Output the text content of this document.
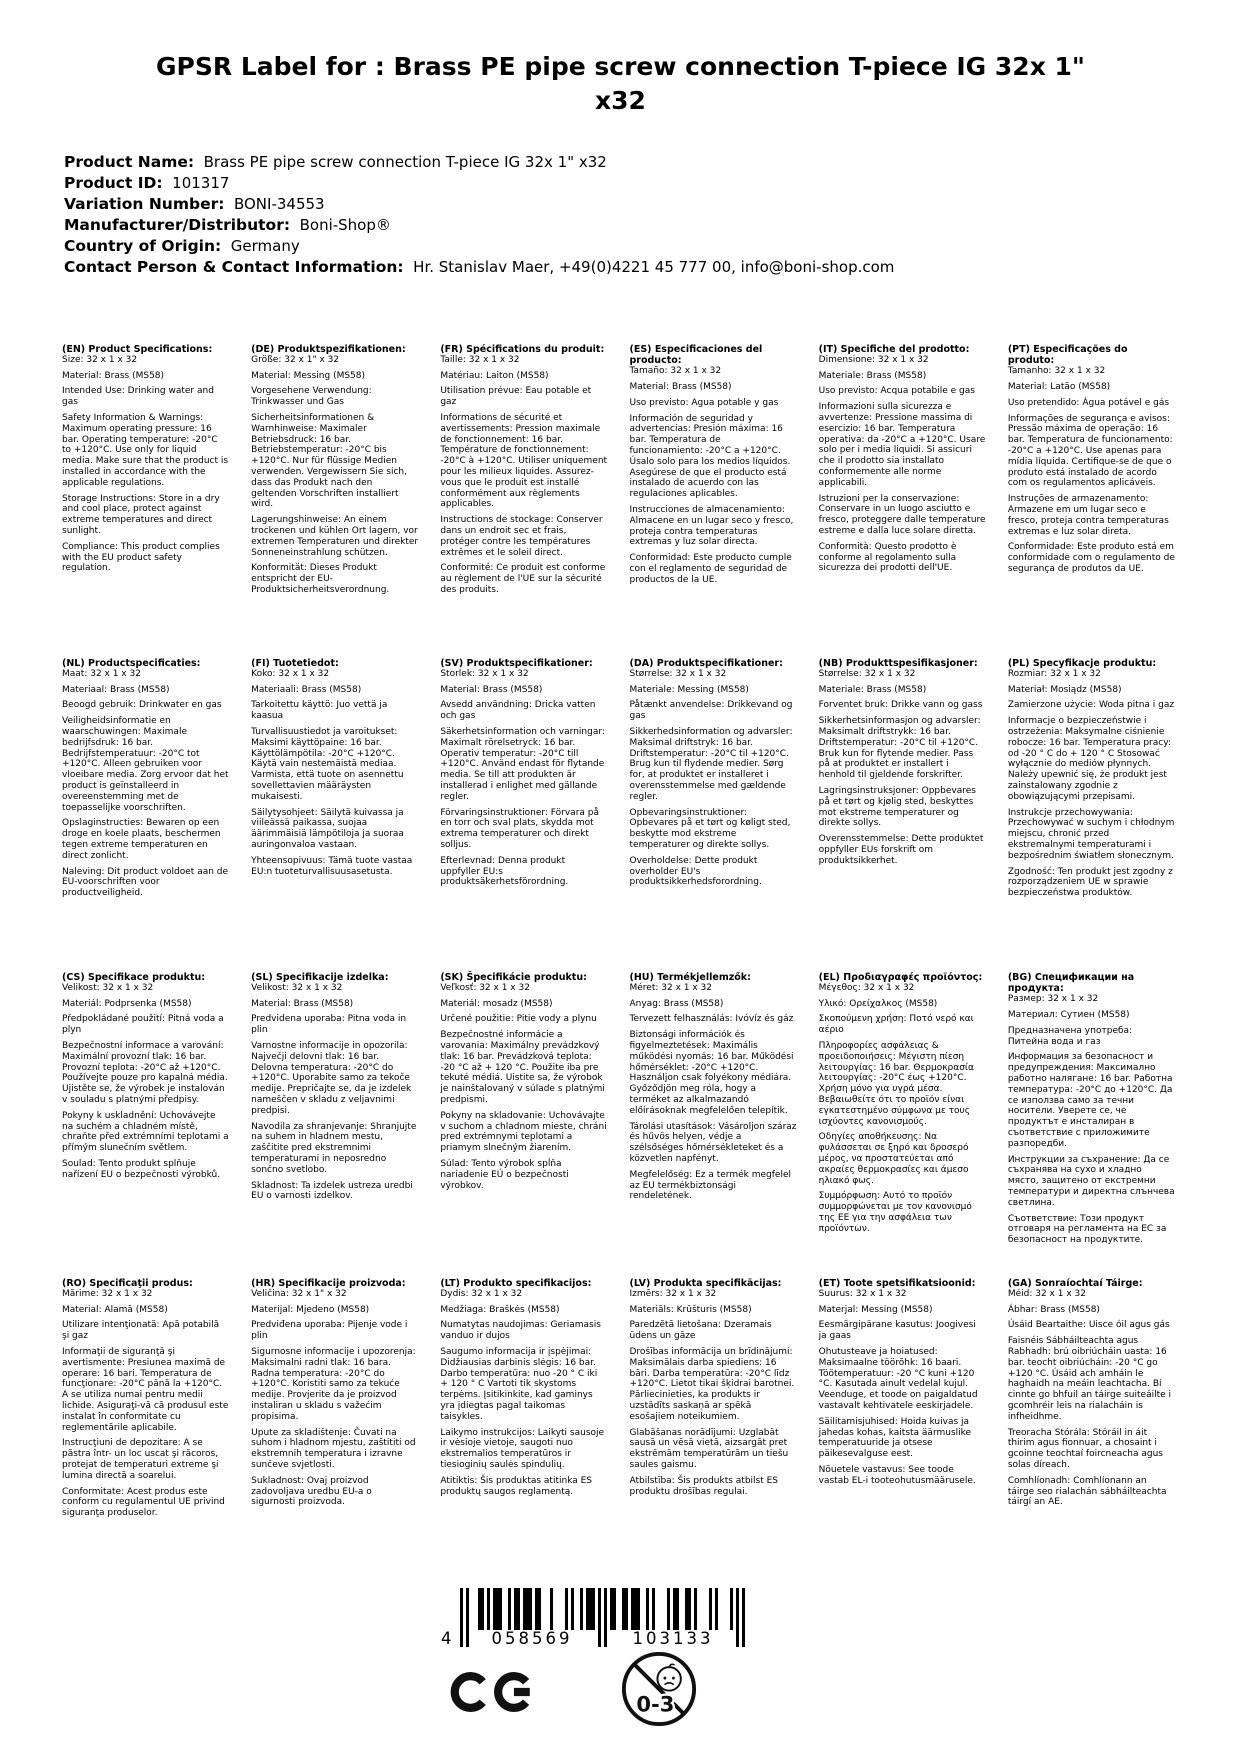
GPSR Label for : Brass PE pipe screw connection T-piece IG 32x 1" x32
Product Name:  Brass PE pipe screw connection T-piece IG 32x 1" x32
Product ID:  101317
Variation Number:  BONI-34553
Manufacturer/Distributor:  Boni-Shop®
Country of Origin:  Germany
Contact Person & Contact Information:  Hr. Stanislav Maer, +49(0)4221 45 777 00, info@boni-shop.com
(EN) Product Specifications:

Size: 32 x 1 x 32

Material: Brass (MS58)

Intended Use: Drinking water and gas

Safety Information & Warnings: Maximum operating pressure: 16 bar. Operating temperature: -20°C to +120°C. Use only for liquid media. Make sure that the product is installed in accordance with the applicable regulations.

Storage Instructions: Store in a dry and cool place, protect against extreme temperatures and direct sunlight.

Compliance: This product complies with the EU product safety regulation.

(DE) Produktspezifikationen:

Größe: 32 x 1" x 32

Material: Messing (MS58)

Vorgesehene Verwendung: Trinkwasser und Gas

Sicherheitsinformationen & Warnhinweise: Maximaler Betriebsdruck: 16 bar. Betriebstemperatur: -20°C bis +120°C. Nur für flüssige Medien verwenden. Vergewissern Sie sich, dass das Produkt nach den geltenden Vorschriften installiert wird.

Lagerungshinweise: An einem trockenen und kühlen Ort lagern, vor extremen Temperaturen und direkter Sonneneinstrahlung schützen.

Konformität: Dieses Produkt entspricht der EU-Produktsicherheitsverordnung.

(FR) Spécifications du produit:

Taille: 32 x 1 x 32

Matériau: Laiton (MS58)

Utilisation prévue: Eau potable et gaz

Informations de sécurité et avertissements: Pression maximale de fonctionnement: 16 bar. Température de fonctionnement: -20°C à +120°C. Utiliser uniquement pour les milieux liquides. Assurez-vous que le produit est installé conformément aux règlements applicables.

Instructions de stockage: Conserver dans un endroit sec et frais, protéger contre les températures extrêmes et le soleil direct.

Conformité: Ce produit est conforme au règlement de l'UE sur la sécurité des produits.

(ES) Especificaciones del producto:

Tamaño: 32 x 1 x 32

Material: Brass (MS58)

Uso previsto: Agua potable y gas

Información de seguridad y advertencias: Presión máxima: 16 bar. Temperatura de funcionamiento: -20°C a +120°C. Úsalo solo para los medios líquidos. Asegúrese de que el producto está instalado de acuerdo con las regulaciones aplicables.

Instrucciones de almacenamiento: Almacene en un lugar seco y fresco, proteja contra temperaturas extremas y luz solar directa.

Conformidad: Este producto cumple con el reglamento de seguridad de productos de la UE.

(IT) Specifiche del prodotto:

Dimensione: 32 x 1 x 32

Materiale: Brass (MS58)

Uso previsto: Acqua potabile e gas

Informazioni sulla sicurezza e avvertenze: Pressione massima di esercizio: 16 bar. Temperatura operativa: da -20°C a +120°C. Usare solo per i media liquidi. Si assicuri che il prodotto sia installato conformemente alle norme applicabili.

Istruzioni per la conservazione: Conservare in un luogo asciutto e fresco, proteggere dalle temperature estreme e dalla luce solare diretta.

Conformità: Questo prodotto è conforme al regolamento sulla sicurezza dei prodotti dell'UE.

(PT) Especificações do produto:

Tamanho: 32 x 1 x 32

Material: Latão (MS58)

Uso pretendido: Água potável e gás

Informações de segurança e avisos: Pressão máxima de operação: 16 bar. Temperatura de funcionamento: -20°C a +120°C. Use apenas para mídia líquida. Certifique-se de que o produto está instalado de acordo com os regulamentos aplicáveis.

Instruções de armazenamento: Armazene em um lugar seco e fresco, proteja contra temperaturas extremas e luz solar direta.

Conformidade: Este produto está em conformidade com o regulamento de segurança de produtos da UE.

(NL) Productspecificaties:

Maat: 32 x 1 x 32

Materiaal: Brass (MS58)

Beoogd gebruik: Drinkwater en gas

Veiligheidsinformatie en waarschuwingen: Maximale bedrijfsdruk: 16 bar. Bedrijfstemperatuur: -20°C tot +120°C. Alleen gebruiken voor vloeibare media. Zorg ervoor dat het product is geïnstalleerd in overeenstemming met de toepasselijke voorschriften.

Opslaginstructies: Bewaren op een droge en koele plaats, beschermen tegen extreme temperaturen en direct zonlicht.

Naleving: Dit product voldoet aan de EU-voorschriften voor productveiligheid.

(FI) Tuotetiedot:

Koko: 32 x 1 x 32

Materiaali: Brass (MS58)

Tarkoitettu käyttö: Juo vettä ja kaasua

Turvallisuustiedot ja varoitukset: Maksimi käyttöpaine: 16 bar. Käyttölämpötila: -20°C +120°C. Käytä vain nestemäistä mediaa. Varmista, että tuote on asennettu sovellettavien määräysten mukaisesti.

Säilytysohjeet: Säilytä kuivassa ja viileässä paikassa, suojaa äärimmäisiä lämpötiloja ja suoraa auringonvaloa vastaan.

Yhteensopivuus: Tämä tuote vastaa EU:n tuoteturvallisuusasetusta.

(SV) Produktspecifikationer:

Storlek: 32 x 1 x 32

Material: Brass (MS58)

Avsedd användning: Dricka vatten och gas

Säkerhetsinformation och varningar: Maximalt rörelsetryck: 16 bar. Operativ temperatur: -20°C till +120°C. Använd endast för flytande media. Se till att produkten är installerad i enlighet med gällande regler.

Förvaringsinstruktioner: Förvara på en torr och sval plats, skydda mot extrema temperaturer och direkt solljus.

Efterlevnad: Denna produkt uppfyller EU:s produktsäkerhetsförordning.

(DA) Produktspecifikationer:

Størrelse: 32 x 1 x 32

Materiale: Messing (MS58)

Påtænkt anvendelse: Drikkevand og gas

Sikkerhedsinformation og advarsler: Maksimal driftstryk: 16 bar. Driftstemperatur: -20°C til +120°C. Brug kun til flydende medier. Sørg for, at produktet er installeret i overensstemmelse med gældende regler.

Opbevaringsinstruktioner: Opbevares på et tørt og køligt sted, beskytte mod ekstreme temperaturer og direkte sollys.

Overholdelse: Dette produkt overholder EU's produktsikkerhedsforordning.

(NB) Produkttspesifikasjoner:

Størrelse: 32 x 1 x 32

Materiale: Brass (MS58)

Forventet bruk: Drikke vann og gass

Sikkerhetsinformasjon og advarsler: Maksimalt driftstrykk: 16 bar. Driftstemperatur: -20°C til +120°C. Bruk kun for flytende medier. Pass på at produktet er installert i henhold til gjeldende forskrifter.

Lagringsinstruksjoner: Oppbevares på et tørt og kjølig sted, beskyttes mot ekstreme temperaturer og direkte sollys.

Overensstemmelse: Dette produktet oppfyller EUs forskrift om produktsikkerhet.

(PL) Specyfikacje produktu:

Rozmiar: 32 x 1 x 32

Materiał: Mosiądz (MS58)

Zamierzone użycie: Woda pitna i gaz

Informacje o bezpieczeństwie i ostrzeżenia: Maksymalne ciśnienie robocze: 16 bar. Temperatura pracy: od -20 ° C do + 120 ° C Stosować wyłącznie do mediów płynnych. Należy upewnić się, że produkt jest zainstalowany zgodnie z obowiązującymi przepisami.

Instrukcje przechowywania: Przechowywać w suchym i chłodnym miejscu, chronić przed ekstremalnymi temperaturami i bezpośrednim światłem słonecznym.

Zgodność: Ten produkt jest zgodny z rozporządzeniem UE w sprawie bezpieczeństwa produktów.

(CS) Specifikace produktu:

Velikost: 32 x 1 x 32

Materiál: Podprsenka (MS58)

Předpokládané použití: Pitná voda a plyn

Bezpečnostní informace a varování: Maximální provozní tlak: 16 bar. Provozní teplota: -20°C až +120°C. Používejte pouze pro kapalná média. Ujistěte se, že výrobek je instalován v souladu s platnými předpisy.

Pokyny k uskladnění: Uchovávejte na suchém a chladném místě, chraňte před extrémními teplotami a přímým slunečním světlem.

Soulad: Tento produkt splňuje nařízení EU o bezpečnosti výrobků.

(SL) Specifikacije izdelka:

Velikost: 32 x 1 x 32

Material: Brass (MS58)

Predvidena uporaba: Pitna voda in plin

Varnostne informacije in opozorila: Največji delovni tlak: 16 bar. Delovna temperatura: -20°C do +120°C. Uporabite samo za tekoče medije. Prepričajte se, da je izdelek nameščen v skladu z veljavnimi predpisi.

Navodila za shranjevanje: Shranjujte na suhem in hladnem mestu, zaščitite pred ekstremnimi temperaturami in neposredno sončno svetlobo.

Skladnost: Ta izdelek ustreza uredbi EU o varnosti izdelkov.

(SK) Špecifikácie produktu:

Veľkosť: 32 x 1 x 32

Materiál: mosadz (MS58)

Určené použitie: Pitie vody a plynu

Bezpečnostné informácie a varovania: Maximálny prevádzkový tlak: 16 bar. Prevádzková teplota: -20 °C až + 120 °C. Použite iba pre tekuté médiá. Uistite sa, že výrobok je nainštalovaný v súlade s platnými predpismi.

Pokyny na skladovanie: Uchovávajte v suchom a chladnom mieste, chráni pred extrémnymi teplotami a priamym slnečným žiarením.

Súlad: Tento výrobok spĺňa nariadenie EÚ o bezpečnosti výrobkov.

(HU) Termékjellemzők:

Méret: 32 x 1 x 32

Anyag: Brass (MS58)

Tervezett felhasználás: Ivóvíz és gáz

Biztonsági információk és figyelmeztetések: Maximális működési nyomás: 16 bar. Működési hőmérséklet: -20°C +120°C. Használjon csak folyékony médiára. Győződjön meg róla, hogy a terméket az alkalmazandó előírásoknak megfelelően telepítik.

Tárolási utasítások: Vásároljon száraz és hűvös helyen, védje a szélsőséges hőmérsékleteket és a közvetlen napfényt.

Megfelelőség: Ez a termék megfelel az EU termékbiztonsági rendeletének.

(EL) Προδιαγραφές προϊόντος:

Μέγεθος: 32 x 1 x 32

Υλικό: Ορείχαλκος (MS58)

Σκοπούμενη χρήση: Ποτό νερό και αέριο

Πληροφορίες ασφάλειας & προειδοποιήσεις: Μέγιστη πίεση λειτουργίας: 16 bar. Θερμοκρασία λειτουργίας: -20°C έως +120°C. Χρήση μόνο για υγρά μέσα. Βεβαιωθείτε ότι το προϊόν είναι εγκατεστημένο σύμφωνα με τους ισχύοντες κανονισμούς.

Οδηγίες αποθήκευσης: Να φυλάσσεται σε ξηρό και δροσερό μέρος, να προστατεύεται από ακραίες θερμοκρασίες και άμεσο ηλιακό φως.

Συμμόρφωση: Αυτό το προϊόν συμμορφώνεται με τον κανονισμό της ΕΕ για την ασφάλεια των προϊόντων.

(BG) Спецификации на продукта:

Размер: 32 x 1 x 32

Материал: Сутиен (MS58)

Предназначена употреба: Питейна вода и газ

Информация за безопасност и предупреждения: Максимално работно налягане: 16 bar. Работна температура: -20°C до +120°C. Да се използва само за течни носители. Уверете се, че продуктът е инсталиран в съответствие с приложимите разпоредби.

Инструкции за съхранение: Да се съхранява на сухо и хладно място, защитено от екстремни температури и директна слънчева светлина.

Съответствие: Този продукт отговаря на регламента на ЕС за безопасност на продуктите.

(RO) Specificaţii produs:

Mărime: 32 x 1 x 32

Material: Alamă (MS58)

Utilizare intenţionată: Apă potabilă şi gaz

Informaţii de siguranţă şi avertismente: Presiunea maximă de operare: 16 bari. Temperatura de funcţionare: -20°C până la +120°C. A se utiliza numai pentru medii lichide. Asiguraţi-vă că produsul este instalat în conformitate cu reglementările aplicabile.

Instrucţiuni de depozitare: A se păstra într- un loc uscat şi răcoros, protejat de temperaturi extreme şi lumina directă a soarelui.

Conformitate: Acest produs este conform cu regulamentul UE privind siguranţa produselor.

(HR) Specifikacije proizvoda:

Veličina: 32 x 1" x 32

Materijal: Mjedeno (MS58)

Predviđena uporaba: Pijenje vode i plin

Sigurnosne informacije i upozorenja: Maksimalni radni tlak: 16 bara. Radna temperatura: -20°C do +120°C. Koristiti samo za tekuće medije. Provjerite da je proizvod instaliran u skladu s važećim propisima.

Upute za skladištenje: Čuvati na suhom i hladnom mjestu, zaštititi od ekstremnih temperatura i izravne sunčeve svjetlosti.

Sukladnost: Ovaj proizvod zadovoljava uredbu EU-a o sigurnosti proizvoda.

(LT) Produkto specifikacijos:

Dydis: 32 x 1 x 32

Medžiaga: Braškės (MS58)

Numatytas naudojimas: Geriamasis vanduo ir dujos

Saugumo informacija ir įspėjimai: Didžiausias darbinis slėgis: 16 bar. Darbo temperatūra: nuo -20 ° C iki + 120 ° C Vartoti tik skystoms terpėms. Įsitikinkite, kad gaminys yra įdiegtas pagal taikomas taisykles.

Laikymo instrukcijos: Laikyti sausoje ir vėsioje vietoje, saugoti nuo ekstremalios temperatūros ir tiesioginių saulės spindulių.

Atitiktis: Šis produktas atitinka ES produktų saugos reglamentą.

(LV) Produkta specifikācijas:

Izmērs: 32 x 1 x 32

Materiāls: Krūšturis (MS58)

Paredzētā lietošana: Dzeramais ūdens un gāze

Drošības informācija un brīdinājumi: Maksimālais darba spiediens: 16 bāri. Darba temperatūra: -20°C līdz +120°C. Lietot tikai šķidrai barotnei. Pārliecinieties, ka produkts ir uzstādīts saskaņā ar spēkā esošajiem noteikumiem.

Glabāšanas norādījumi: Uzglabāt sausā un vēsā vietā, aizsargāt pret ekstrēmām temperatūrām un tiešu saules gaismu.

Atbilstība: Šis produkts atbilst ES produktu drošības regulai.

(ET) Toote spetsifikatsioonid:

Suurus: 32 x 1 x 32

Materjal: Messing (MS58)

Eesmärgipärane kasutus: Joogivesi ja gaas

Ohutusteave ja hoiatused: Maksimaalne töörõhk: 16 baari. Töötemperatuur: -20 °C kuni +120 °C. Kasutada ainult vedelal kujul. Veenduge, et toode on paigaldatud vastavalt kehtivatele eeskirjadele.

Säilitamisjuhised: Hoida kuivas ja jahedas kohas, kaitsta äärmuslike temperatuuride ja otsese päikesevalguse eest.

Nõuetele vastavus: See toode vastab EL-i tooteohutusmäärusele.

(GA) Sonraíochtaí Táirge:

Méid: 32 x 1 x 32

Ábhar: Brass (MS58)

Úsáid Beartaithe: Uisce óil agus gás

Faisnéis Sábháilteachta agus Rabhadh: brú oibriúcháin uasta: 16 bar. teocht oibriúcháin: -20 °C go +120 °C. Úsáid ach amháin le haghaidh na meáin leachtacha. Bí cinnte go bhfuil an táirge suiteáilte i gcomhréir leis na rialacháin is infheidhme.

Treoracha Stórála: Stóráil in áit thirim agus fionnuar, a chosaint i gcoinne teochtaí foircneacha agus solas díreach.

Comhlíonadh: Comhlíonann an táirge seo rialachán sábháilteachta táirgí an AE.

4	058569	103133
0-3
